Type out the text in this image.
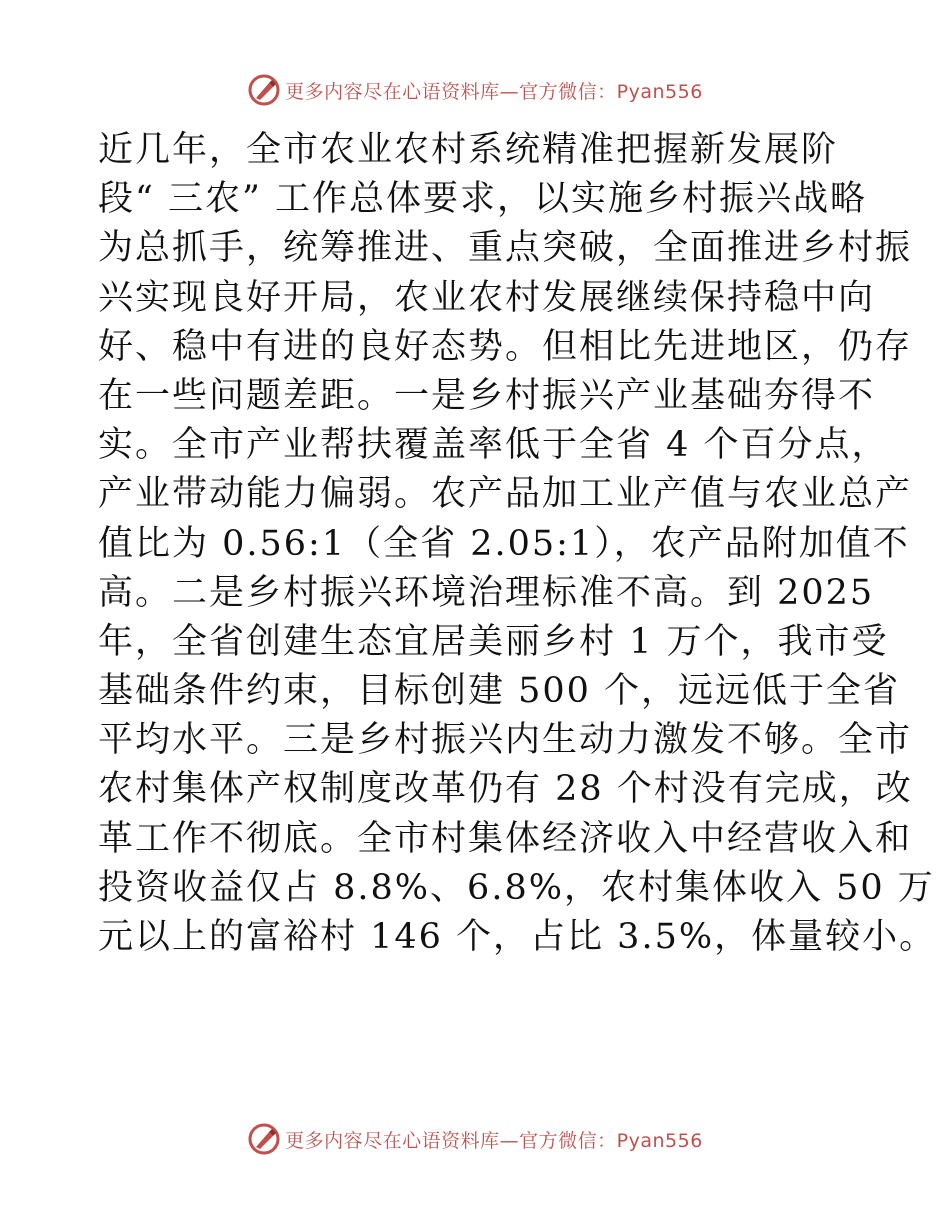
更多内容尽在心语资料库—官方微信：Pyan556
近几年，全市农业农村系统精准把握新发展阶
段“ 三农” 工作总体要求，以实施乡村振兴战略
为总抓手，统筹推进、重点突破，全面推进乡村振
兴实现良好开局，农业农村发展继续保持稳中向
好、稳中有进的良好态势。但相比先进地区，仍存
在一些问题差距。一是乡村振兴产业基础夯得不
实。全市产业帮扶覆盖率低于全省 4 个百分点，
产业带动能力偏弱。农产品加工业产值与农业总产
值比为 0.56:1（全省 2.05:1），农产品附加值不
高。二是乡村振兴环境治理标准不高。到 2025
年，全省创建生态宜居美丽乡村 1 万个，我市受
基础条件约束，目标创建 500 个，远远低于全省
平均水平。三是乡村振兴内生动力激发不够。全市
农村集体产权制度改革仍有 28 个村没有完成，改
革工作不彻底。全市村集体经济收入中经营收入和
投资收益仅占 8.8%、6.8%，农村集体收入 50 万
元以上的富裕村 146 个，占比 3.5%，体量较小。
更多内容尽在心语资料库—官方微信：Pyan556
